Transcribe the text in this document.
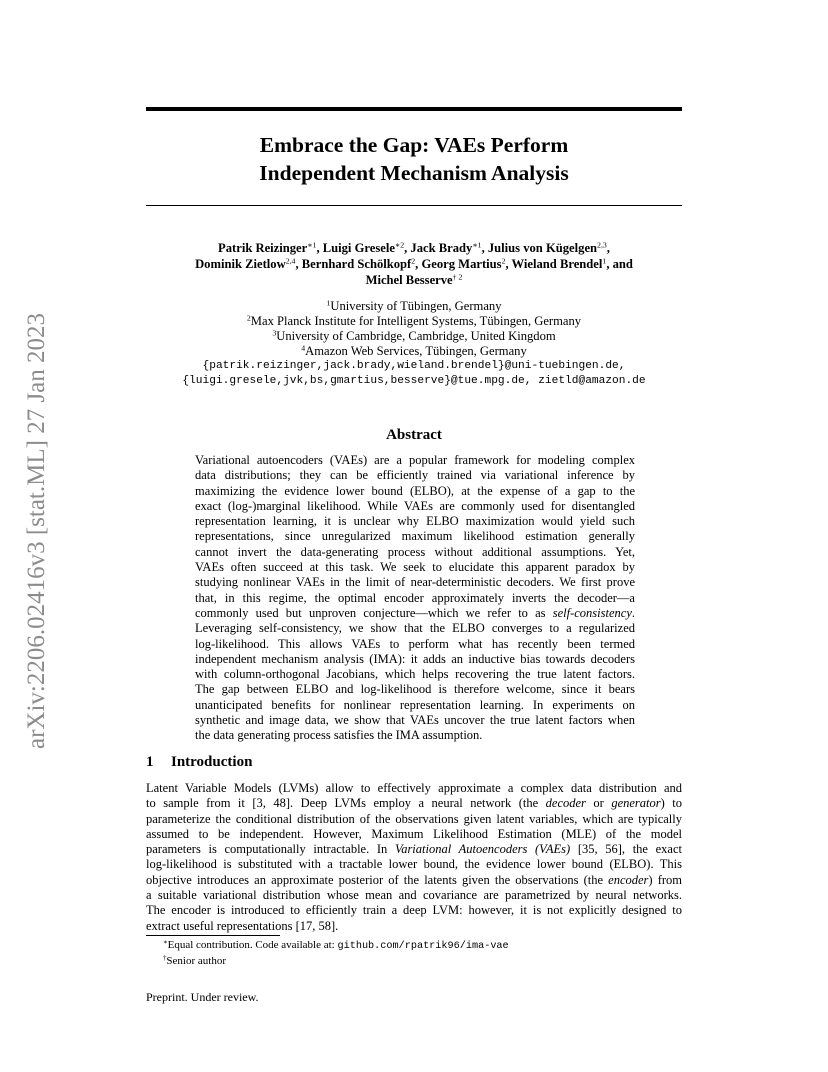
arXiv:2206.02416v3 [stat.ML] 27 Jan 2023
Embrace the Gap: VAEs Perform
Independent Mechanism Analysis
Patrik Reizinger$^{∗1}$, Luigi Gresele$^{∗2}$, Jack Brady$^{∗1}$, Julius von Kügelgen$^{2,3}$,
Dominik Zietlow$^{2,4}$, Bernhard Schölkopf$^2$, Georg Martius$^2$, Wieland Brendel$^1$, and
Michel Besserve$^{\dagger 2}$
$^1$University of Tübingen, Germany
$^2$Max Planck Institute for Intelligent Systems, Tübingen, Germany
$^3$University of Cambridge, Cambridge, United Kingdom
$^4$Amazon Web Services, Tübingen, Germany
{patrik.reizinger,jack.brady,wieland.brendel}@uni-tuebingen.de,
{luigi.gresele,jvk,bs,gmartius,besserve}@tue.mpg.de, zietld@amazon.de
Abstract
Variational autoencoders (VAEs) are a popular framework for modeling complex
data distributions; they can be efficiently trained via variational inference by
maximizing the evidence lower bound (ELBO), at the expense of a gap to the
exact (log-)marginal likelihood. While VAEs are commonly used for disentangled
representation learning, it is unclear why ELBO maximization would yield such
representations, since unregularized maximum likelihood estimation generally
cannot invert the data-generating process without additional assumptions. Yet,
VAEs often succeed at this task. We seek to elucidate this apparent paradox by
studying nonlinear VAEs in the limit of near-deterministic decoders. We first prove
that, in this regime, the optimal encoder approximately inverts the decoder—a
commonly used but unproven conjecture—which we refer to as self-consistency.
Leveraging self-consistency, we show that the ELBO converges to a regularized
log-likelihood. This allows VAEs to perform what has recently been termed
independent mechanism analysis (IMA): it adds an inductive bias towards decoders
with column-orthogonal Jacobians, which helps recovering the true latent factors.
The gap between ELBO and log-likelihood is therefore welcome, since it bears
unanticipated benefits for nonlinear representation learning. In experiments on
synthetic and image data, we show that VAEs uncover the true latent factors when
the data generating process satisfies the IMA assumption.
1 Introduction
Latent Variable Models (LVMs) allow to effectively approximate a complex data distribution and
to sample from it [3, 48]. Deep LVMs employ a neural network (the decoder or generator) to
parameterize the conditional distribution of the observations given latent variables, which are typically
assumed to be independent. However, Maximum Likelihood Estimation (MLE) of the model
parameters is computationally intractable. In Variational Autoencoders (VAEs) [35, 56], the exact
log-likelihood is substituted with a tractable lower bound, the evidence lower bound (ELBO). This
objective introduces an approximate posterior of the latents given the observations (the encoder) from
a suitable variational distribution whose mean and covariance are parametrized by neural networks.
The encoder is introduced to efficiently train a deep LVM: however, it is not explicitly designed to
extract useful representations [17, 58].
∗Equal contribution. Code available at: github.com/rpatrik96/ima-vae
†Senior author
Preprint. Under review.
